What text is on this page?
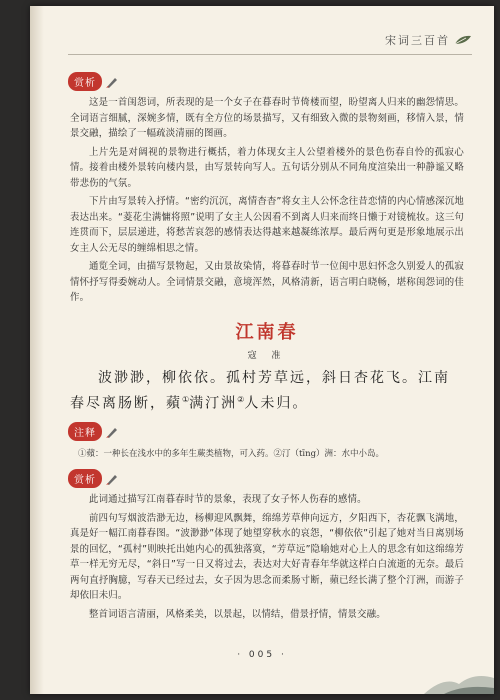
宋词三百首
赏析

这是一首闺怨词，所表现的是一个女子在暮春时节倚楼而望，盼望离人归来的幽怨情思。全词语言细腻，深婉多情，既有全方位的场景描写，又有细致入微的景物刻画，移情入景，情景交融，描绘了一幅疏淡清丽的图画。

上片先是对阔视的景物进行概括，着力体现女主人公望着楼外的景色伤春自怜的孤寂心情。接着由楼外景转向楼内景，由写景转向写人。五句话分别从不同角度渲染出一种静谧又略带悲伤的气氛。

下片由写景转入抒情。“密约沉沉，离情杳杳”将女主人公怀念往昔恋情的内心情感深沉地表达出来。“菱花尘满慵将照”说明了女主人公因看不到离人归来而终日懒于对镜梳妆。这三句连贯而下，层层递进，将愁苦哀怨的感情表达得越来越凝练浓厚。最后两句更是形象地展示出女主人公无尽的缠绵相思之情。

通览全词，由描写景物起，又由景故染情，将暮春时节一位闺中思妇怀念久别爱人的孤寂情怀抒写得委婉动人。全词情景交融，意境浑然，风格清新，语言明白晓畅，堪称闺怨词的佳作。

江南春
寇 准

波渺渺，柳依依。孤村芳草远，斜日杏花飞。江南春尽离肠断，蘋①满汀洲②人未归。

注释
①蘋：一种长在浅水中的多年生蕨类植物，可入药。②汀（tīng）洲：水中小岛。
赏析

此词通过描写江南暮春时节的景象，表现了女子怀人伤春的感情。

前四句写烟波浩渺无边，杨柳迎风飘舞，绵绵芳草伸向远方，夕阳西下，杏花飘飞满地，真是好一幅江南暮春图。“波渺渺”体现了她望穿秋水的哀怨，“柳依依”引起了她对当日离别场景的回忆，“孤村”则映托出她内心的孤独落寞，“芳草远”隐喻她对心上人的思念有如这绵绵芳草一样无穷无尽，“斜日”写一日又将过去，表达对大好青春年华就这样白白流逝的无奈。最后两句直抒胸臆，写春天已经过去，女子因为思念而柔肠寸断，蘋已经长满了整个汀洲，而游子却依旧未归。

整首词语言清丽，风格柔美，以景起，以情结，借景抒情，情景交融。

· 005 ·
